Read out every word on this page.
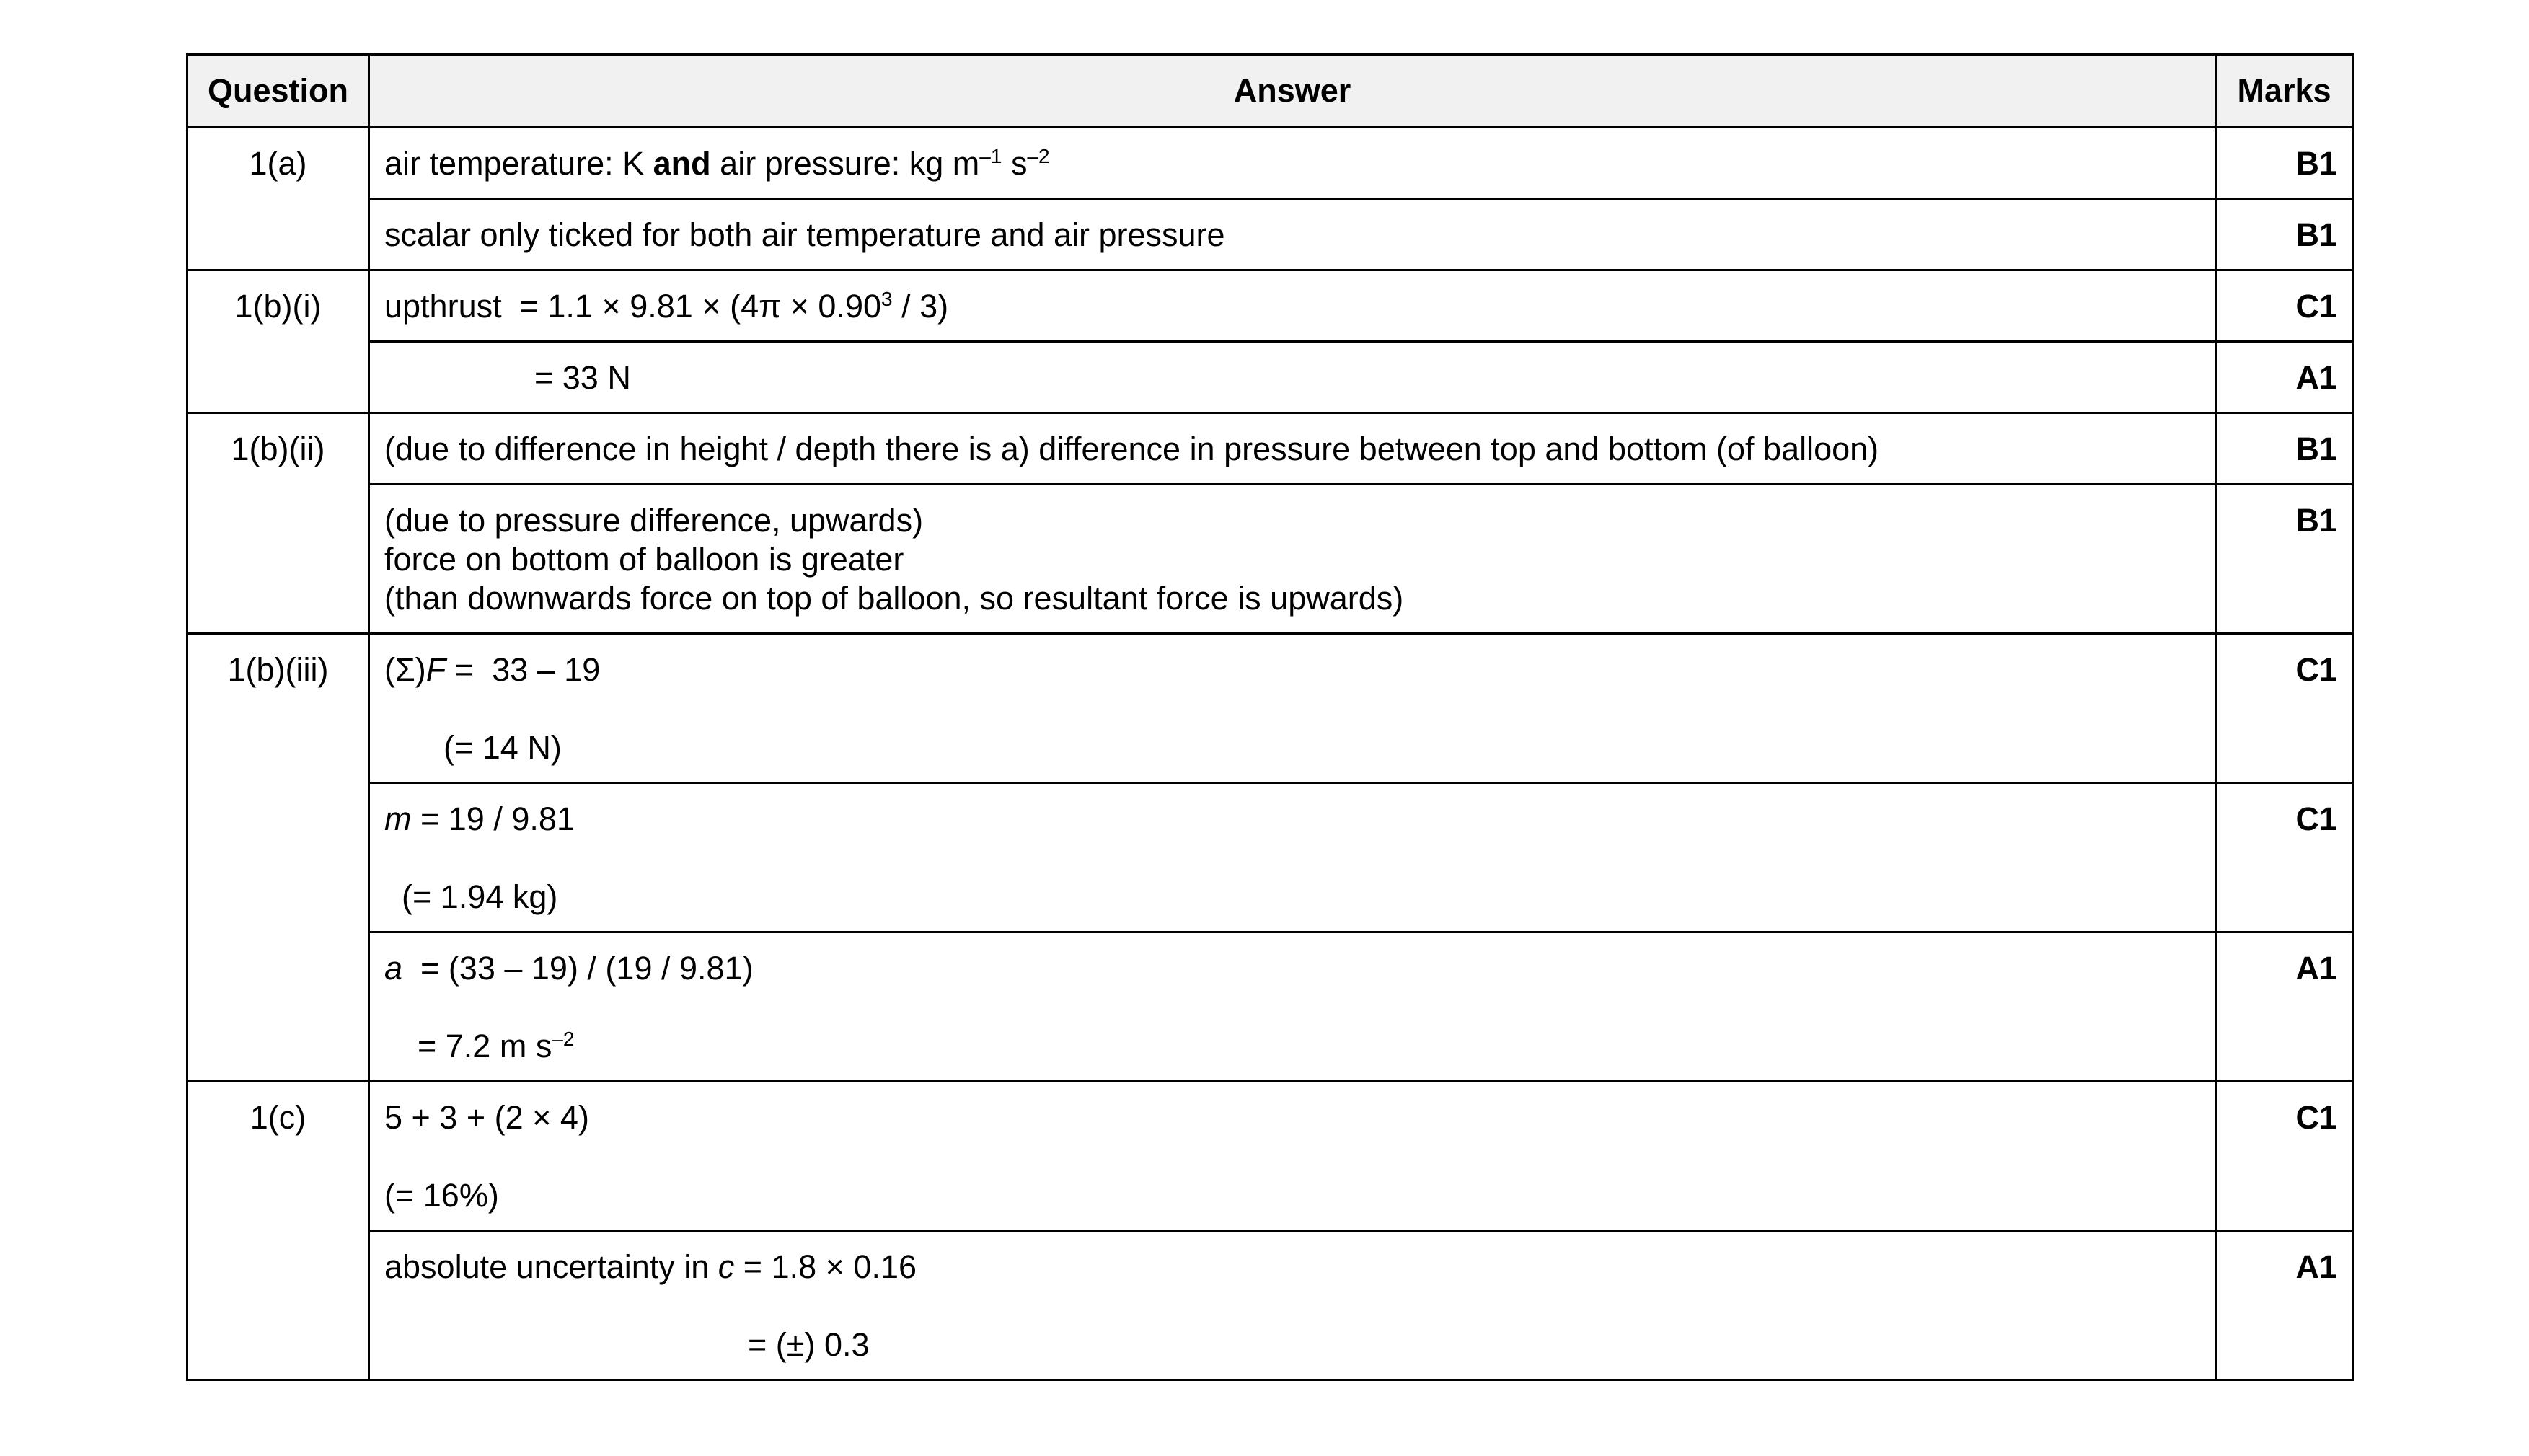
Question	Answer	Marks
1(a)	air temperature: K and air pressure: kg $m^{-1}$ $s^{-2}$	B1
	scalar only ticked for both air temperature and air pressure	B1
1(b)(i)	upthrust  = $1.1 \times 9.81 \times (4\pi \times 0.90^3 / 3)$	C1

	= 33 N	A1
1(b)(ii)	(due to difference in height / depth there is a) difference in pressure between top and bottom (of balloon)	B1

	(due to pressure difference, upwards)
force on bottom of balloon is greater
(than downwards force on top of balloon, so resultant force is upwards)	B1
1(b)(iii)	(Σ)F =  33 – 19
(= 14 N)	C1

	m = 19 / 9.81
(= 1.94 kg)	C1

	a  = (33 – 19) / (19 / 9.81)
= 7.2 m $s^{-2}$	A1
1(c)	5 + 3 + (2 × 4)
(= 16%)	C1

	absolute uncertainty in c = 1.8 × 0.16
= (±) 0.3	A1
